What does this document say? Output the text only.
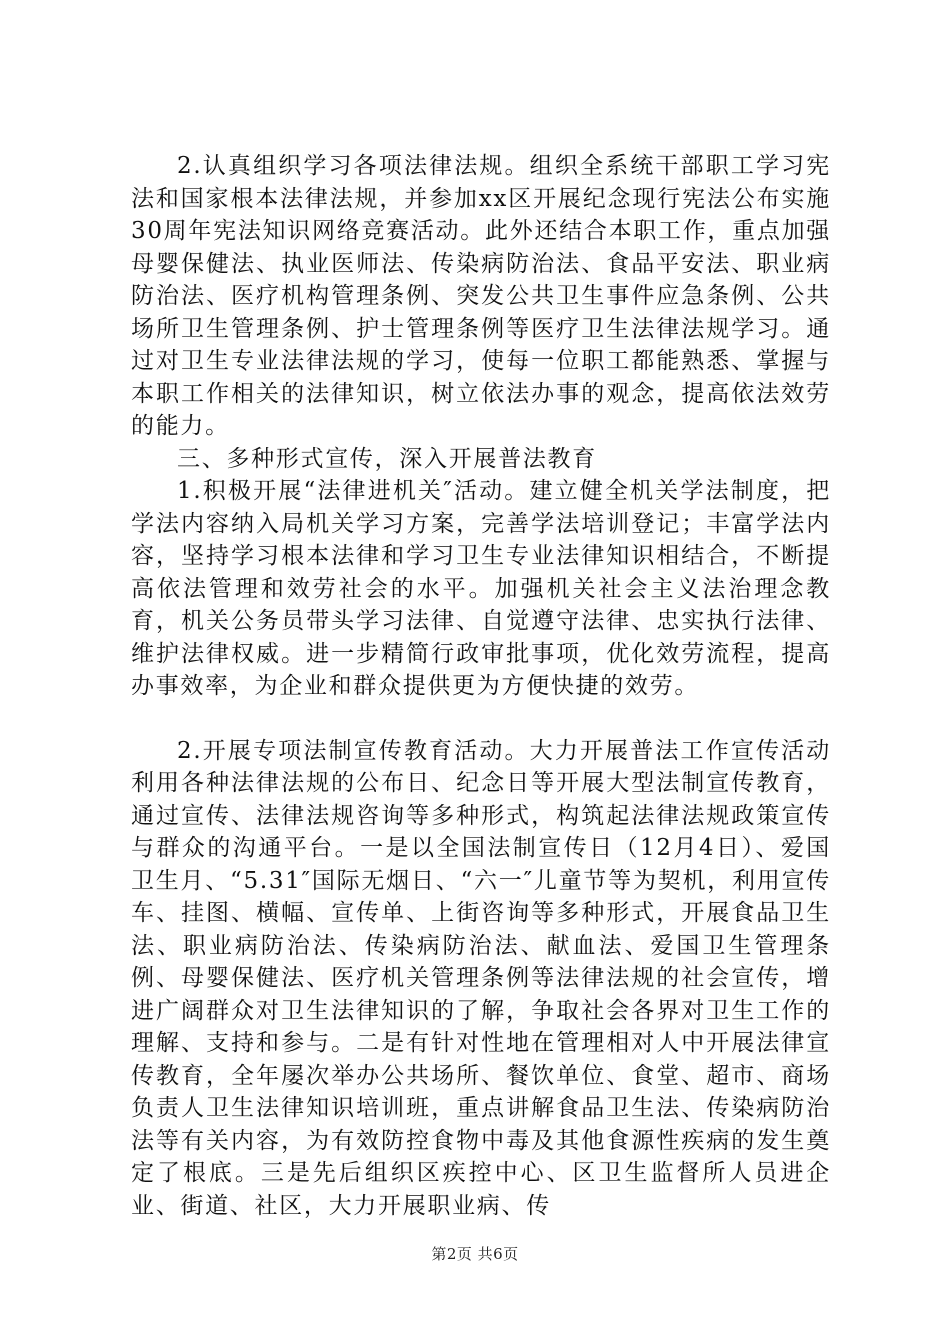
2.认真组织学习各项法律法规。组织全系统干部职工学习宪法和国家根本法律法规，并参加xx区开展纪念现行宪法公布实施30周年宪法知识网络竞赛活动。此外还结合本职工作，重点加强母婴保健法、执业医师法、传染病防治法、食品平安法、职业病防治法、医疗机构管理条例、突发公共卫生事件应急条例、公共场所卫生管理条例、护士管理条例等医疗卫生法律法规学习。通过对卫生专业法律法规的学习，使每一位职工都能熟悉、掌握与本职工作相关的法律知识，树立依法办事的观念，提高依法效劳的能力。

三、多种形式宣传，深入开展普法教育

1.积极开展“法律进机关″活动。建立健全机关学法制度，把学法内容纳入局机关学习方案，完善学法培训登记；丰富学法内容，坚持学习根本法律和学习卫生专业法律知识相结合，不断提高依法管理和效劳社会的水平。加强机关社会主义法治理念教育，机关公务员带头学习法律、自觉遵守法律、忠实执行法律、维护法律权威。进一步精简行政审批事项，优化效劳流程，提高办事效率，为企业和群众提供更为方便快捷的效劳。

2.开展专项法制宣传教育活动。大力开展普法工作宣传活动利用各种法律法规的公布日、纪念日等开展大型法制宣传教育，通过宣传、法律法规咨询等多种形式，构筑起法律法规政策宣传与群众的沟通平台。一是以全国法制宣传日（12月4日）、爱国卫生月、“5.31″国际无烟日、“六一″儿童节等为契机，利用宣传车、挂图、横幅、宣传单、上街咨询等多种形式，开展食品卫生法、职业病防治法、传染病防治法、献血法、爱国卫生管理条例、母婴保健法、医疗机关管理条例等法律法规的社会宣传，增进广阔群众对卫生法律知识的了解，争取社会各界对卫生工作的理解、支持和参与。二是有针对性地在管理相对人中开展法律宣传教育，全年屡次举办公共场所、餐饮单位、食堂、超市、商场负责人卫生法律知识培训班，重点讲解食品卫生法、传染病防治法等有关内容，为有效防控食物中毒及其他食源性疾病的发生奠定了根底。三是先后组织区疾控中心、区卫生监督所人员进企业、街道、社区，大力开展职业病、传

第2页 共6页
